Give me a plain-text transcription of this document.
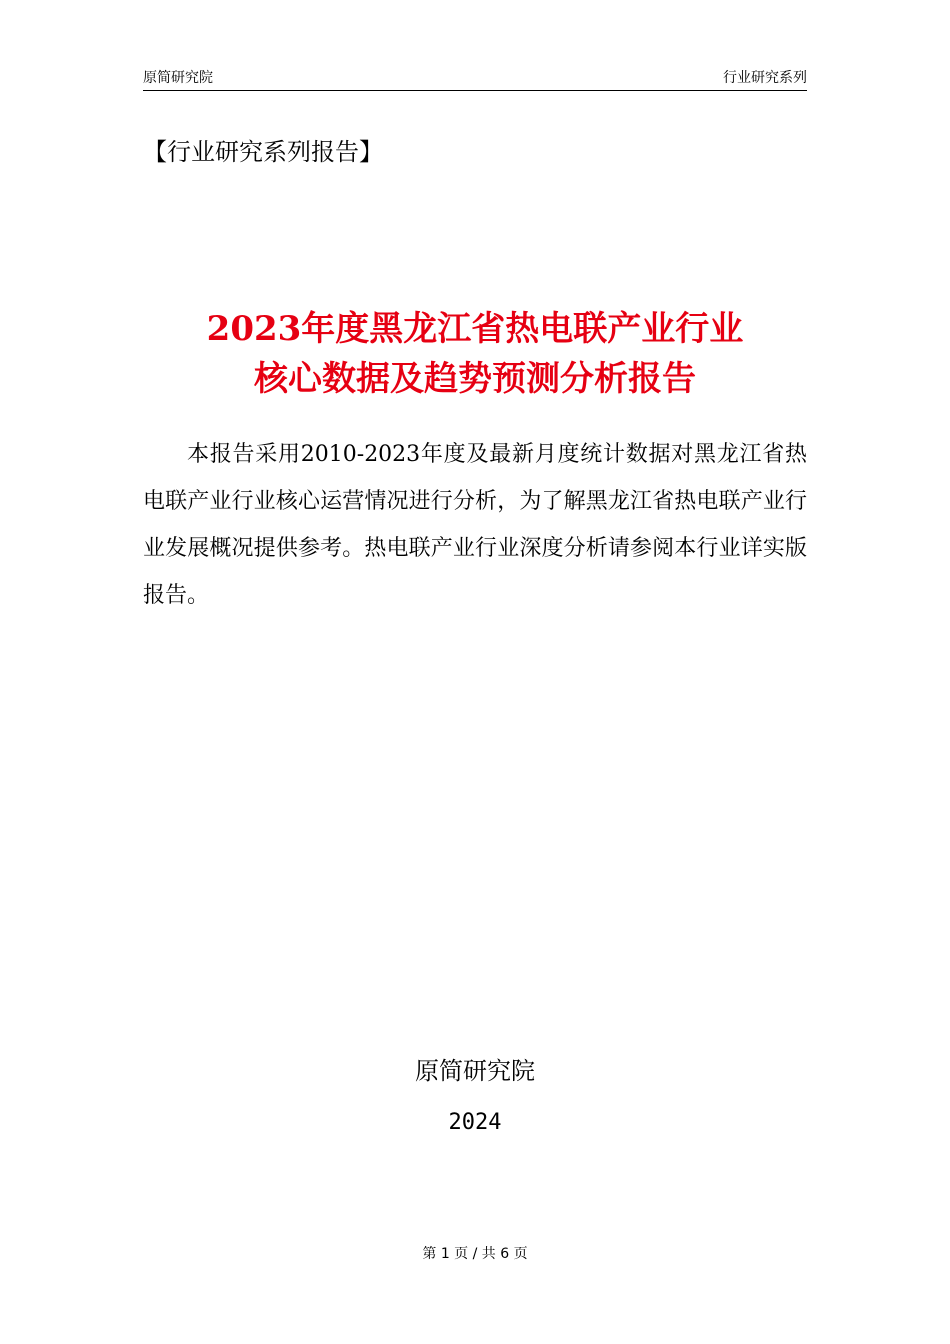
原简研究院	行业研究系列
【行业研究系列报告】
2023年度黑龙江省热电联产业行业
核心数据及趋势预测分析报告

本报告采用2010-2023年度及最新月度统计数据对黑龙江省热电联产业行业核心运营情况进行分析，为了解黑龙江省热电联产业行业发展概况提供参考。热电联产业行业深度分析请参阅本行业详实版报告。

原简研究院
2024
第 1 页 / 共 6 页
